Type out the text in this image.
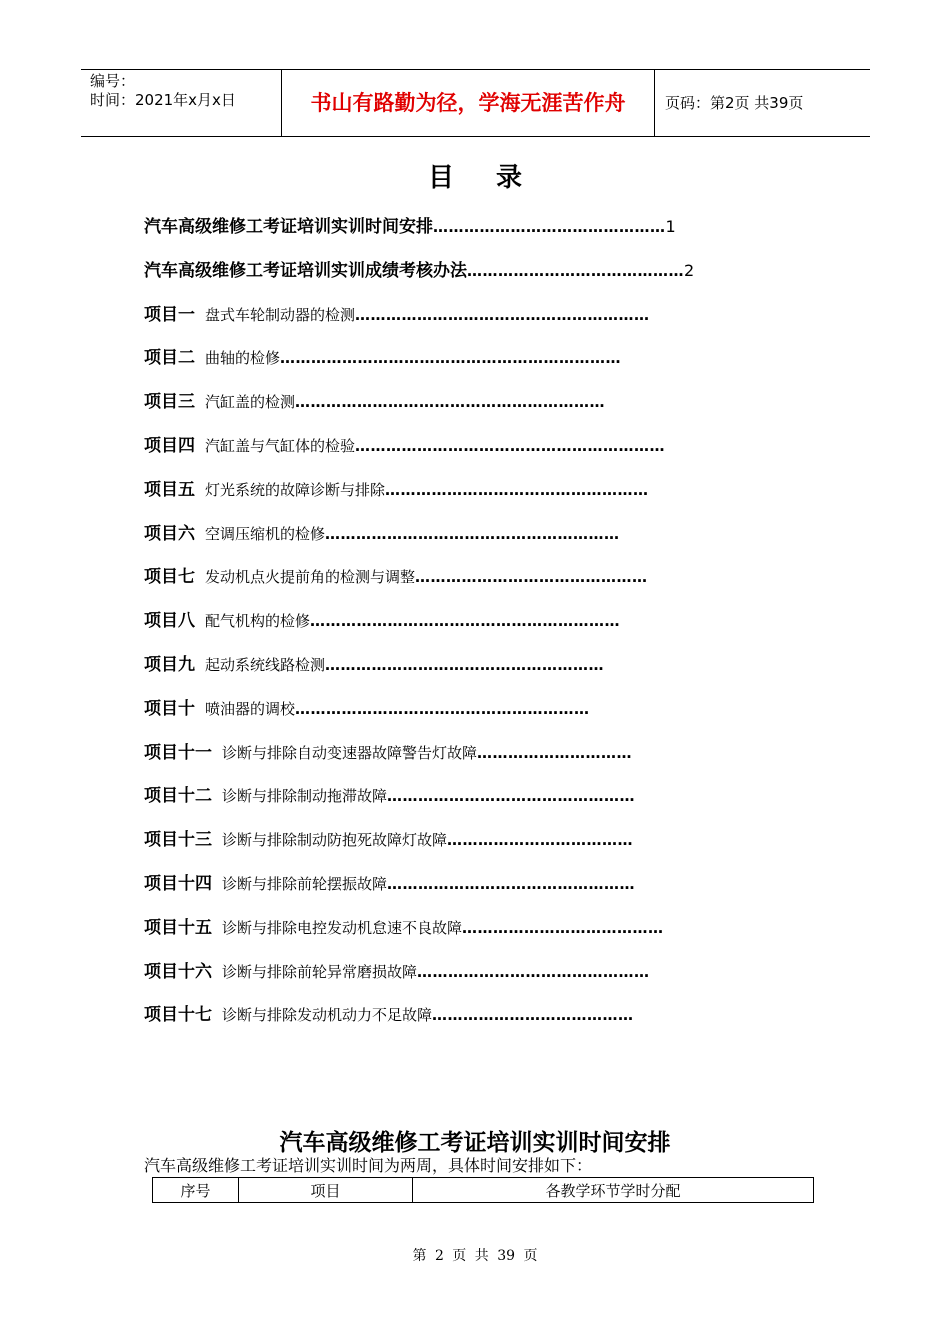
编号：
时间：2021年x月x日	书山有路勤为径，学海无涯苦作舟	页码：第2页 共39页
目录
汽车高级维修工考证培训实训时间安排………………………………………1
汽车高级维修工考证培训实训成绩考核办法……………………………………2
项目一 盘式车轮制动器的检测…………………………………………………
项目二 曲轴的检修…………………………………………………………
项目三 汽缸盖的检测……………………………………………………
项目四 汽缸盖与气缸体的检验……………………………………………………
项目五 灯光系统的故障诊断与排除……………………………………………
项目六 空调压缩机的检修…………………………………………………
项目七 发动机点火提前角的检测与调整………………………………………
项目八 配气机构的检修……………………………………………………
项目九 起动系统线路检测………………………………………………
项目十 喷油器的调校…………………………………………………
项目十一 诊断与排除自动变速器故障警告灯故障…………………………
项目十二 诊断与排除制动拖滞故障…………………………………………
项目十三 诊断与排除制动防抱死故障灯故障………………………………
项目十四 诊断与排除前轮摆振故障…………………………………………
项目十五 诊断与排除电控发动机怠速不良故障…………………………………
项目十六 诊断与排除前轮异常磨损故障………………………………………
项目十七 诊断与排除发动机动力不足故障…………………………………
汽车高级维修工考证培训实训时间安排
汽车高级维修工考证培训实训时间为两周，具体时间安排如下：
序号	项目	各教学环节学时分配
第 2 页 共 39 页
